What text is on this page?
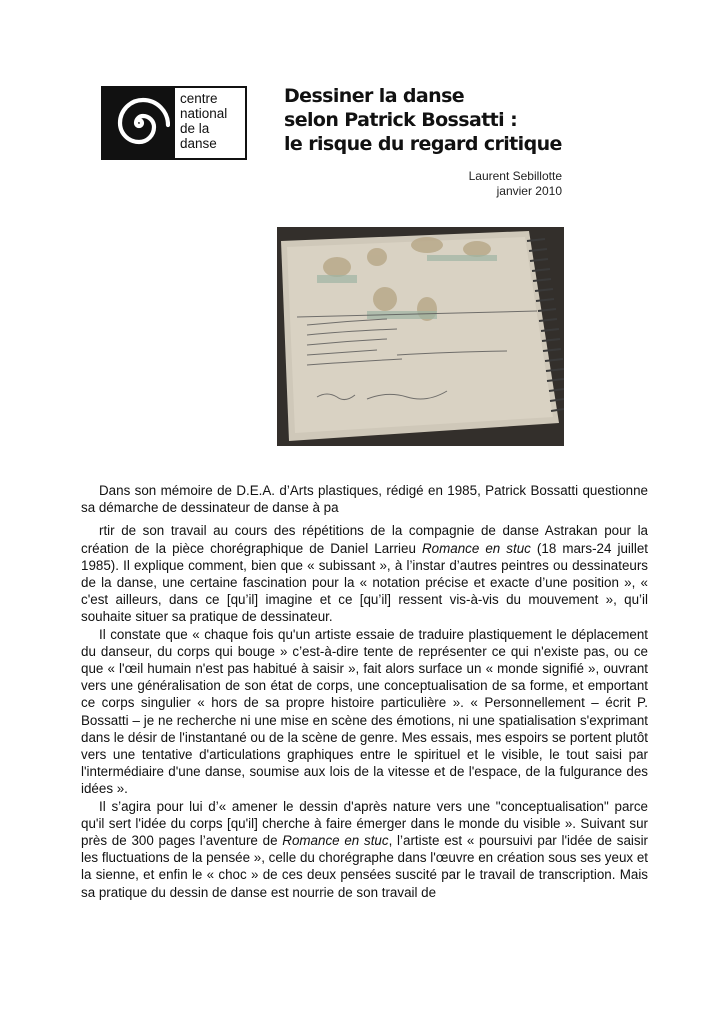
centre
national
de la
danse
Dessiner la danse
selon Patrick Bossatti :
le risque du regard critique
Laurent Sebillotte
janvier 2010

Dans son mémoire de D.E.A. d’Arts plastiques, rédigé en 1985, Patrick Bossatti questionne sa démarche de dessinateur de danse à pa

rtir de son travail au cours des répétitions de la compagnie de danse Astrakan pour la création de la pièce chorégraphique de Daniel Larrieu Romance en stuc (18 mars-24 juillet 1985). Il explique comment, bien que « subissant », à l’instar d’autres peintres ou dessinateurs de la danse, une certaine fascination pour la « notation précise et exacte d’une position », « c'est ailleurs, dans ce [qu’il] imagine et ce [qu’il] ressent vis-à-vis du mouvement », qu’il souhaite situer sa pratique de dessinateur.

Il constate que « chaque fois qu'un artiste essaie de traduire plastiquement le déplacement du danseur, du corps qui bouge » c’est-à-dire tente de représenter ce qui n'existe pas, ou ce que « l'œil humain n'est pas habitué à saisir », fait alors surface un « monde signifié », ouvrant vers une généralisation de son état de corps, une conceptualisation de sa forme, et emportant ce corps singulier « hors de sa propre histoire particulière ». « Personnellement – écrit P. Bossatti – je ne recherche ni une mise en scène des émotions, ni une spatialisation s'exprimant dans le désir de l'instantané ou de la scène de genre. Mes essais, mes espoirs se portent plutôt vers une tentative d'articulations graphiques entre le spirituel et le visible, le tout saisi par l'intermédiaire d'une danse, soumise aux lois de la vitesse et de l'espace, de la fulgurance des idées ».

Il s’agira pour lui d’« amener le dessin d'après nature vers une "conceptualisation" parce qu'il sert l'idée du corps [qu'il] cherche à faire émerger dans le monde du visible ». Suivant sur près de 300 pages l’aventure de Romance en stuc, l’artiste est « poursuivi par l'idée de saisir les fluctuations de la pensée », celle du chorégraphe dans l'œuvre en création sous ses yeux et la sienne, et enfin le « choc » de ces deux pensées suscité par le travail de transcription. Mais sa pratique du dessin de danse est nourrie de son travail de
